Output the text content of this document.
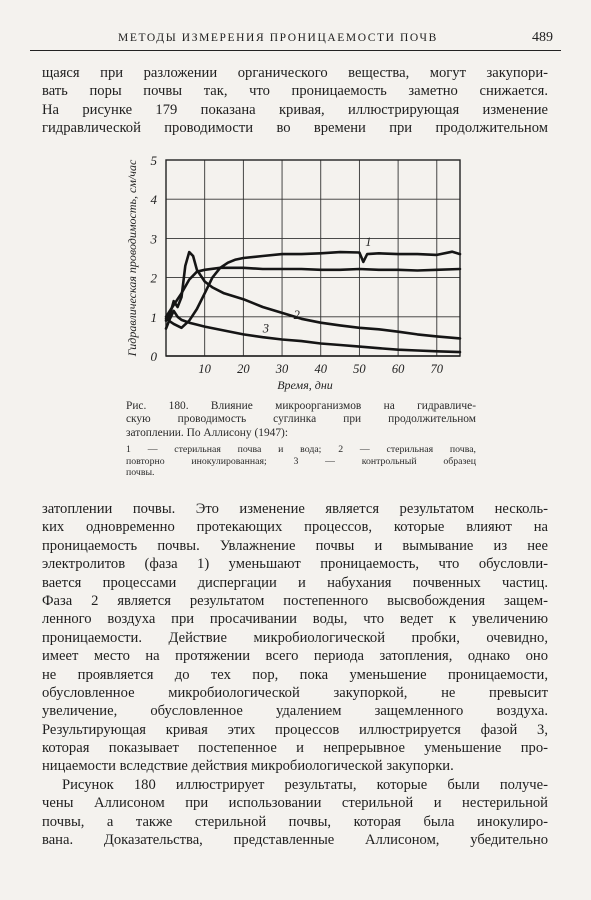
МЕТОДЫ ИЗМЕРЕНИЯ ПРОНИЦАЕМОСТИ ПОЧВ	489
щаяся при разложении органического вещества, могут закупори-
вать поры почвы так, что проницаемость заметно снижается.
На рисунке 179 показана кривая, иллюстрирующая изменение
гидравлической проводимости во времени при продолжительном
0
1
2
3
4
5
10 20 30 40 50 60 70
1
2
3
Гидравлическая проводимость, см/час
Время, дни
Рис. 180. Влияние микроорганизмов на гидравличе-
скую проводимость суглинка при продолжительном
затоплении. По Аллисону (1947):
1 — стерильная почва и вода; 2 — стерильная почва,
повторно инокулированная; 3 — контрольный образец
почвы.
затоплении почвы. Это изменение является результатом несколь-
ких одновременно протекающих процессов, которые влияют на
проницаемость почвы. Увлажнение почвы и вымывание из нее
электролитов (фаза 1) уменьшают проницаемость, что обусловли-
вается процессами диспергации и набухания почвенных частиц.
Фаза 2 является результатом постепенного высвобождения защем-
ленного воздуха при просачивании воды, что ведет к увеличению
проницаемости. Действие микробиологической пробки, очевидно,
имеет место на протяжении всего периода затопления, однако оно
не проявляется до тех пор, пока уменьшение проницаемости,
обусловленное микробиологической закупоркой, не превысит
увеличение, обусловленное удалением защемленного воздуха.
Результирующая кривая этих процессов иллюстрируется фазой 3,
которая показывает постепенное и непрерывное уменьшение про-
ницаемости вследствие действия микробиологической закупорки.
Рисунок 180 иллюстрирует результаты, которые были получе-
чены Аллисоном при использовании стерильной и нестерильной
почвы, а также стерильной почвы, которая была инокулиро-
вана. Доказательства, представленные Аллисоном, убедительно
